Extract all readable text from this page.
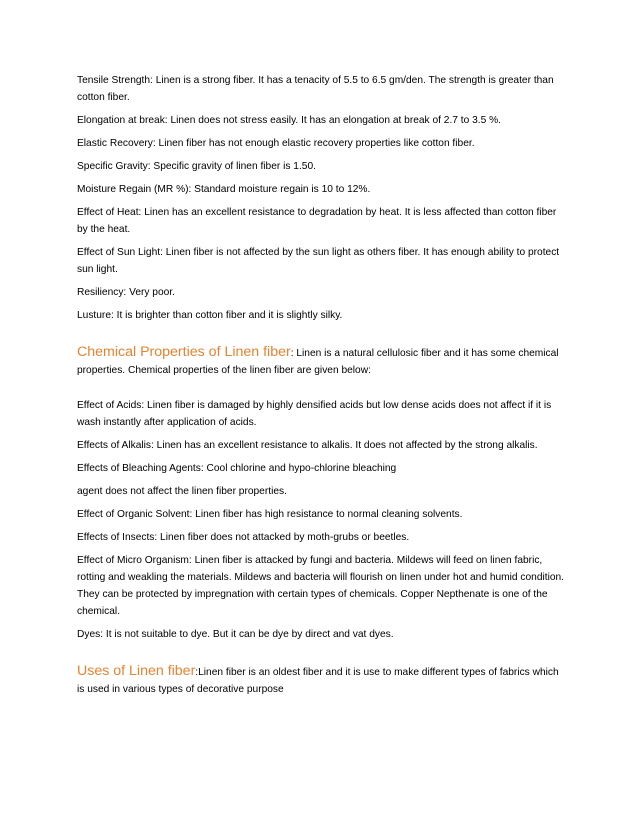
Tensile Strength: Linen is a strong fiber. It has a tenacity of 5.5 to 6.5 gm/den. The strength is greater than cotton fiber.

Elongation at break: Linen does not stress easily. It has an elongation at break of 2.7 to 3.5 %.

Elastic Recovery: Linen fiber has not enough elastic recovery properties like cotton fiber.

Specific Gravity: Specific gravity of linen fiber is 1.50.

Moisture Regain (MR %): Standard moisture regain is 10 to 12%.

Effect of Heat: Linen has an excellent resistance to degradation by heat. It is less affected than cotton fiber by the heat.

Effect of Sun Light: Linen fiber is not affected by the sun light as others fiber. It has enough ability to protect sun light.

Resiliency: Very poor.

Lusture: It is brighter than cotton fiber and it is slightly silky.

Chemical Properties of Linen fiber: Linen is a natural cellulosic fiber and it has some chemical properties. Chemical properties of the linen fiber are given below:

Effect of Acids: Linen fiber is damaged by highly densified acids but low dense acids does not affect if it is wash instantly after application of acids.

Effects of Alkalis: Linen has an excellent resistance to alkalis. It does not affected by the strong alkalis.

Effects of Bleaching Agents: Cool chlorine and hypo-chlorine bleaching

agent does not affect the linen fiber properties.

Effect of Organic Solvent: Linen fiber has high resistance to normal cleaning solvents.

Effects of Insects: Linen fiber does not attacked by moth-grubs or beetles.

Effect of Micro Organism: Linen fiber is attacked by fungi and bacteria. Mildews will feed on linen fabric, rotting and weakling the materials. Mildews and bacteria will flourish on linen under hot and humid condition. They can be protected by impregnation with certain types of chemicals. Copper Nepthenate is one of the chemical.

Dyes: It is not suitable to dye. But it can be dye by direct and vat dyes.

Uses of Linen fiber:Linen fiber is an oldest fiber and it is use to make different types of fabrics which is used in various types of decorative purpose
